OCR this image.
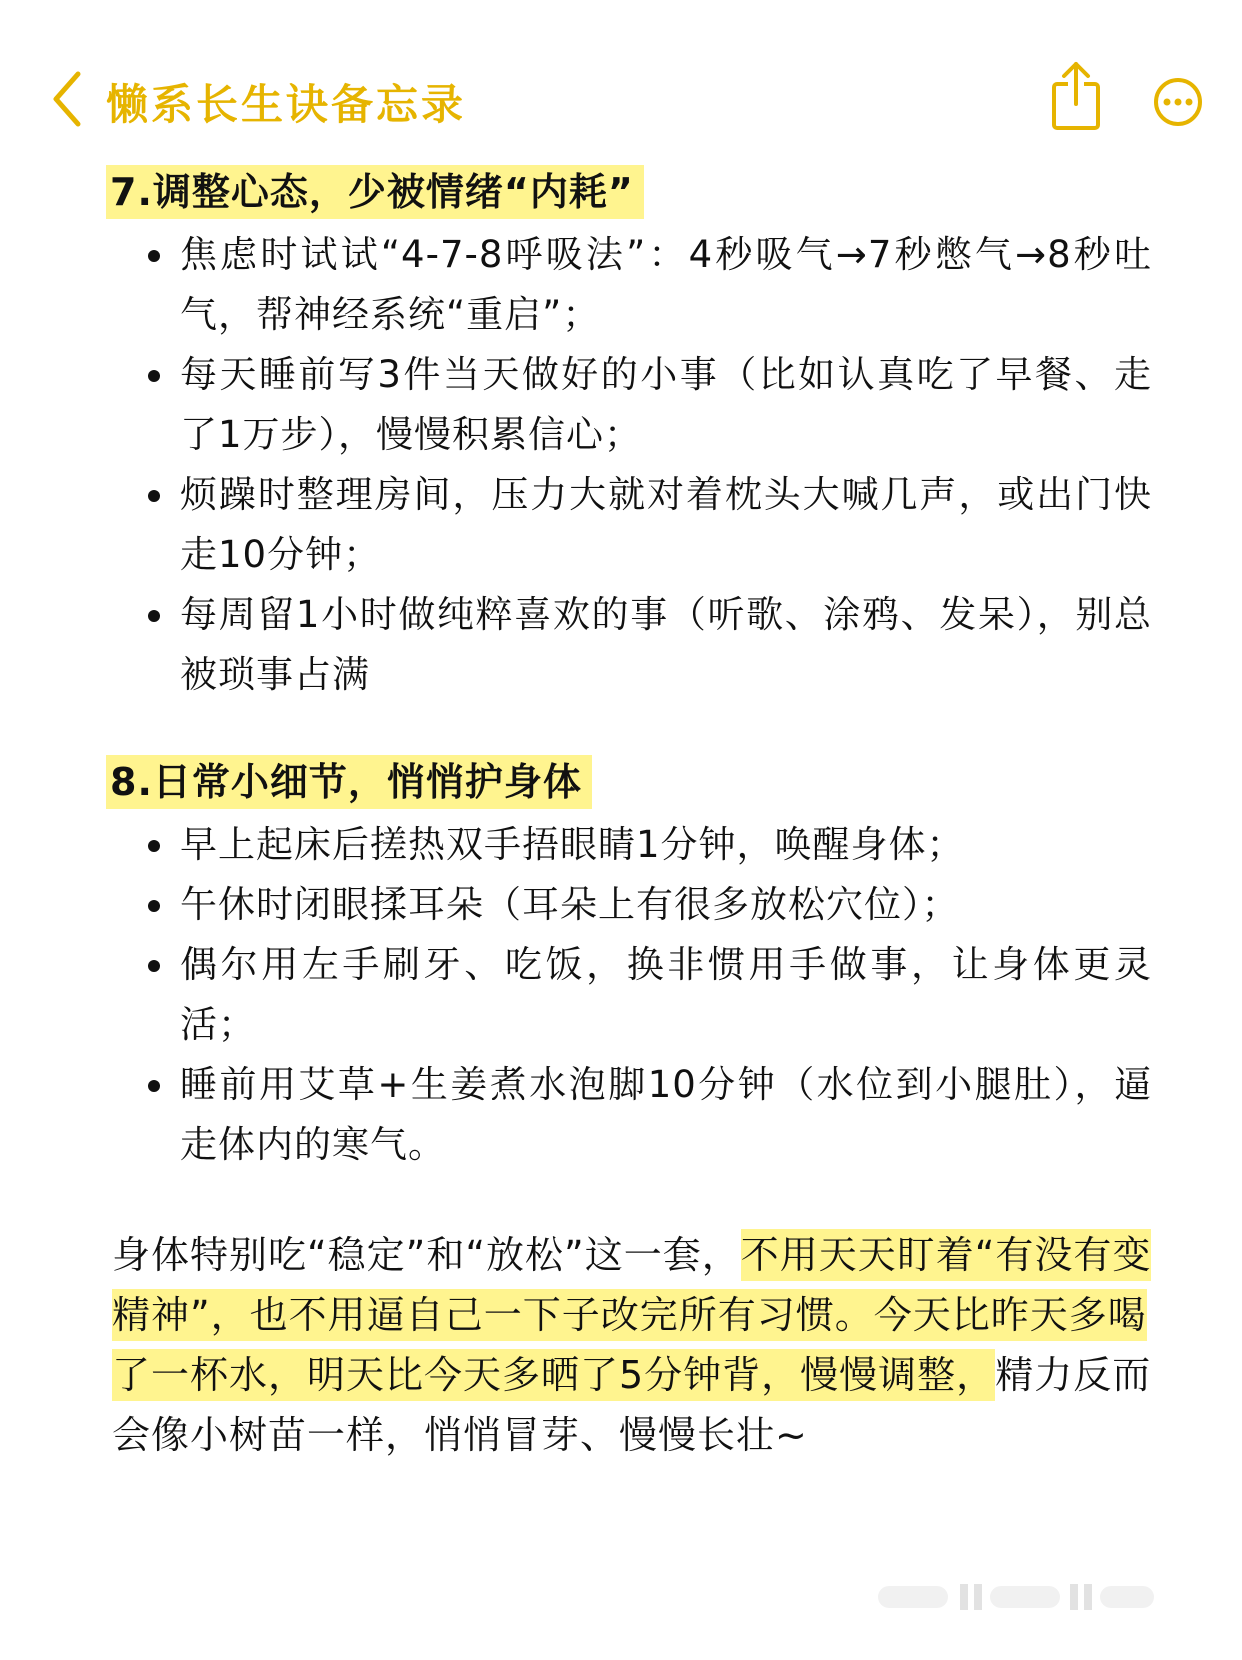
懒系长生诀备忘录
7.调整心态，少被情绪“内耗”
焦虑时试试“4-7-8呼吸法”：4秒吸气→7秒憋气→8秒吐气，帮神经系统“重启”；
每天睡前写3件当天做好的小事（比如认真吃了早餐、走了1万步），慢慢积累信心；
烦躁时整理房间，压力大就对着枕头大喊几声，或出门快走10分钟；
每周留1小时做纯粹喜欢的事（听歌、涂鸦、发呆），别总被琐事占满
8.日常小细节，悄悄护身体
早上起床后搓热双手捂眼睛1分钟，唤醒身体；
午休时闭眼揉耳朵（耳朵上有很多放松穴位）；
偶尔用左手刷牙、吃饭，换非惯用手做事，让身体更灵活；
睡前用艾草+生姜煮水泡脚10分钟（水位到小腿肚），逼走体内的寒气。

身体特别吃“稳定”和“放松”这一套，不用天天盯着“有没有变精神”，也不用逼自己一下子改完所有习惯。今天比昨天多喝了一杯水，明天比今天多晒了5分钟背，慢慢调整，精力反而会像小树苗一样，悄悄冒芽、慢慢长壮~
